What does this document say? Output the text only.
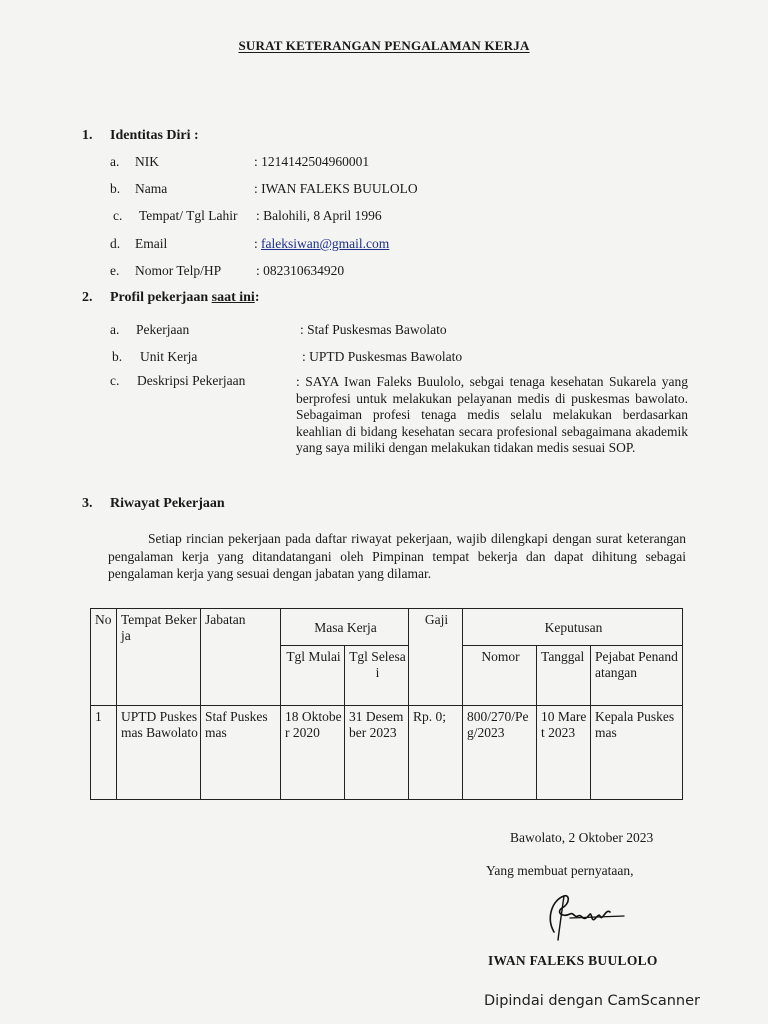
SURAT KETERANGAN PENGALAMAN KERJA
1. Identitas Diri :
a. NIK	: 1214142504960001
b. Nama	: IWAN FALEKS BUULOLO
c. Tempat/ Tgl Lahir : Balohili, 8 April 1996
d. Email	: faleksiwan@gmail.com
e. Nomor Telp/HP	: 082310634920
2. Profil pekerjaan saat ini:
a. Pekerjaan	: Staf Puskesmas Bawolato
b. Unit Kerja	: UPTD Puskesmas Bawolato
c. Deskripsi Pekerjaan	: SAYA Iwan Faleks Buulolo, sebgai tenaga kesehatan Sukarela yang berprofesi untuk melakukan pelayanan medis di puskesmas bawolato. Sebagaiman profesi tenaga medis selalu melakukan berdasarkan keahlian di bidang kesehatan secara profesional sebagaimana akademik yang saya miliki dengan melakukan tidakan medis sesuai SOP.
3. Riwayat Pekerjaan
Setiap rincian pekerjaan pada daftar riwayat pekerjaan, wajib dilengkapi dengan surat keterangan pengalaman kerja yang ditandatangani oleh Pimpinan tempat bekerja dan dapat dihitung sebagai pengalaman kerja yang sesuai dengan jabatan yang dilamar.
No	Tempat Bekerja	Jabatan	Masa Kerja		Gaji	Keputusan		
			Tgl Mulai	Tgl Selesai		Nomor	Tanggal	Pejabat Penandatangan
1	UPTD Puskesmas Bawolato	Staf Puskesmas	18 Oktober 2020	31 Desember 2023	Rp. 0;	800/270/Peg/2023	10 Maret 2023	Kepala Puskesmas
Bawolato, 2 Oktober 2023
Yang membuat pernyataan,
IWAN FALEKS BUULOLO
Dipindai dengan CamScanner
